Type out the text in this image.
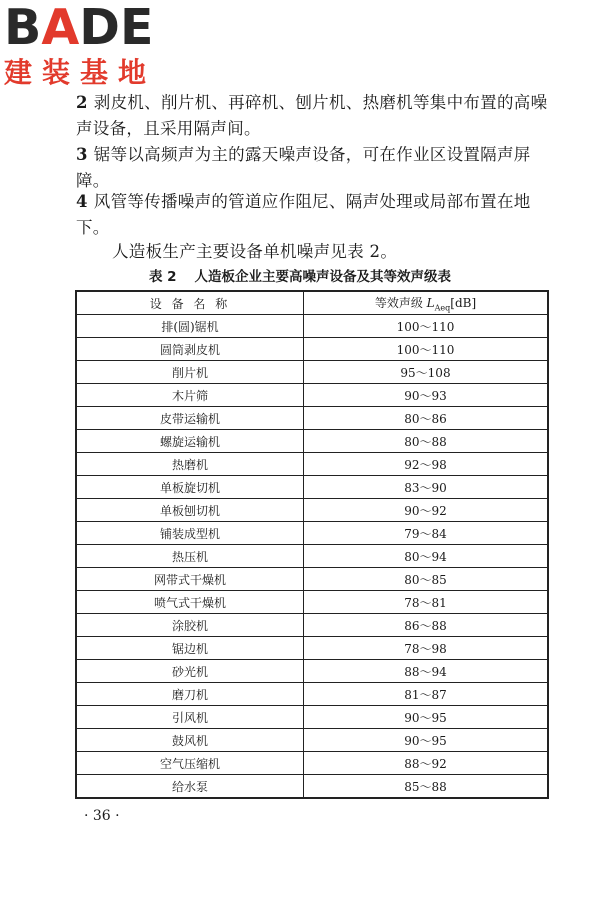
BADE
建装基地
2 剥皮机、削片机、再碎机、刨片机、热磨机等集中布置的高噪声设备，且采用隔声间。
3 锯等以高频声为主的露天噪声设备，可在作业区设置隔声屏障。
4 风管等传播噪声的管道应作阻尼、隔声处理或局部布置在地下。
人造板生产主要设备单机噪声见表 2。
表 2 人造板企业主要高噪声设备及其等效声级表
设 备 名 称	等效声级 $L_{Aeq}[dB]$
排(圆)锯机	100～110
圆筒剥皮机	100～110
削片机	95～108
木片筛	90～93
皮带运输机	80～86
螺旋运输机	80～88
热磨机	92～98
单板旋切机	83～90
单板刨切机	90～92
铺装成型机	79～84
热压机	80～94
网带式干燥机	80～85
喷气式干燥机	78～81
涂胶机	86～88
锯边机	78～98
砂光机	88～94
磨刀机	81～87
引风机	90～95
鼓风机	90～95
空气压缩机	88～92
给水泵	85～88
· 36 ·
